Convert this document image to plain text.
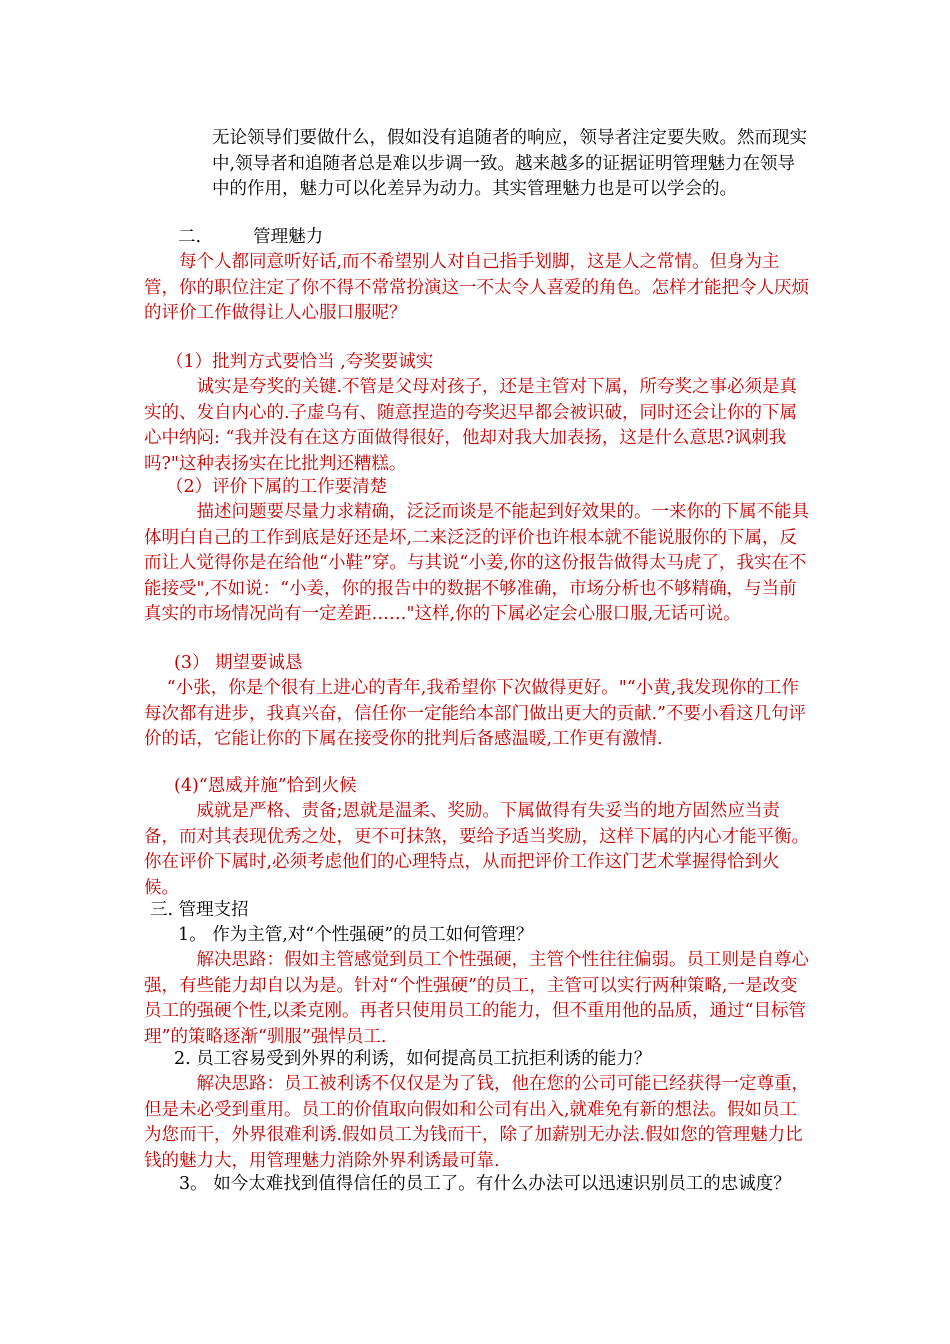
无论领导们要做什么，假如没有追随者的响应，领导者注定要失败。然而现实中,领导者和追随者总是难以步调一致。越来越多的证据证明管理魅力在领导中的作用，魅力可以化差异为动力。其实管理魅力也是可以学会的。

二.	管理魅力

每个人都同意听好话,而不希望别人对自己指手划脚，这是人之常情。但身为主管，你的职位注定了你不得不常常扮演这一不太令人喜爱的角色。怎样才能把令人厌烦的评价工作做得让人心服口服呢？

（1）批判方式要恰当 ,夸奖要诚实

诚实是夸奖的关键.不管是父母对孩子，还是主管对下属，所夸奖之事必须是真实的、发自内心的.子虚乌有、随意捏造的夸奖迟早都会被识破，同时还会让你的下属心中纳闷: “我并没有在这方面做得很好，他却对我大加表扬，这是什么意思?讽刺我吗?"这种表扬实在比批判还糟糕。

（2）评价下属的工作要清楚

描述问题要尽量力求精确，泛泛而谈是不能起到好效果的。一来你的下属不能具体明白自己的工作到底是好还是坏,二来泛泛的评价也许根本就不能说服你的下属，反而让人觉得你是在给他“小鞋”穿。与其说“小姜,你的这份报告做得太马虎了，我实在不能接受",不如说：“小姜，你的报告中的数据不够准确，市场分析也不够精确，与当前真实的市场情况尚有一定差距……"这样,你的下属必定会心服口服,无话可说。

(3） 期望要诚恳

“小张，你是个很有上进心的青年,我希望你下次做得更好。"“小黄,我发现你的工作每次都有进步，我真兴奋，信任你一定能给本部门做出更大的贡献.”不要小看这几句评价的话，它能让你的下属在接受你的批判后备感温暖,工作更有激情.

(4)“恩威并施”恰到火候

威就是严格、责备;恩就是温柔、奖励。下属做得有失妥当的地方固然应当责备，而对其表现优秀之处，更不可抹煞，要给予适当奖励，这样下属的内心才能平衡。你在评价下属时,必须考虑他们的心理特点，从而把评价工作这门艺术掌握得恰到火候。

三. 管理支招
1。 作为主管,对“个性强硬”的员工如何管理？

解决思路：假如主管感觉到员工个性强硬，主管个性往往偏弱。员工则是自尊心强，有些能力却自以为是。针对“个性强硬”的员工，主管可以实行两种策略,一是改变员工的强硬个性,以柔克刚。再者只使用员工的能力，但不重用他的品质，通过“目标管理”的策略逐渐“驯服”强悍员工.

2. 员工容易受到外界的利诱，如何提高员工抗拒利诱的能力？

解决思路：员工被利诱不仅仅是为了钱，他在您的公司可能已经获得一定尊重，但是未必受到重用。员工的价值取向假如和公司有出入,就难免有新的想法。假如员工为您而干，外界很难利诱.假如员工为钱而干，除了加薪别无办法.假如您的管理魅力比钱的魅力大，用管理魅力消除外界利诱最可靠.

3。 如今太难找到值得信任的员工了。有什么办法可以迅速识别员工的忠诚度？
